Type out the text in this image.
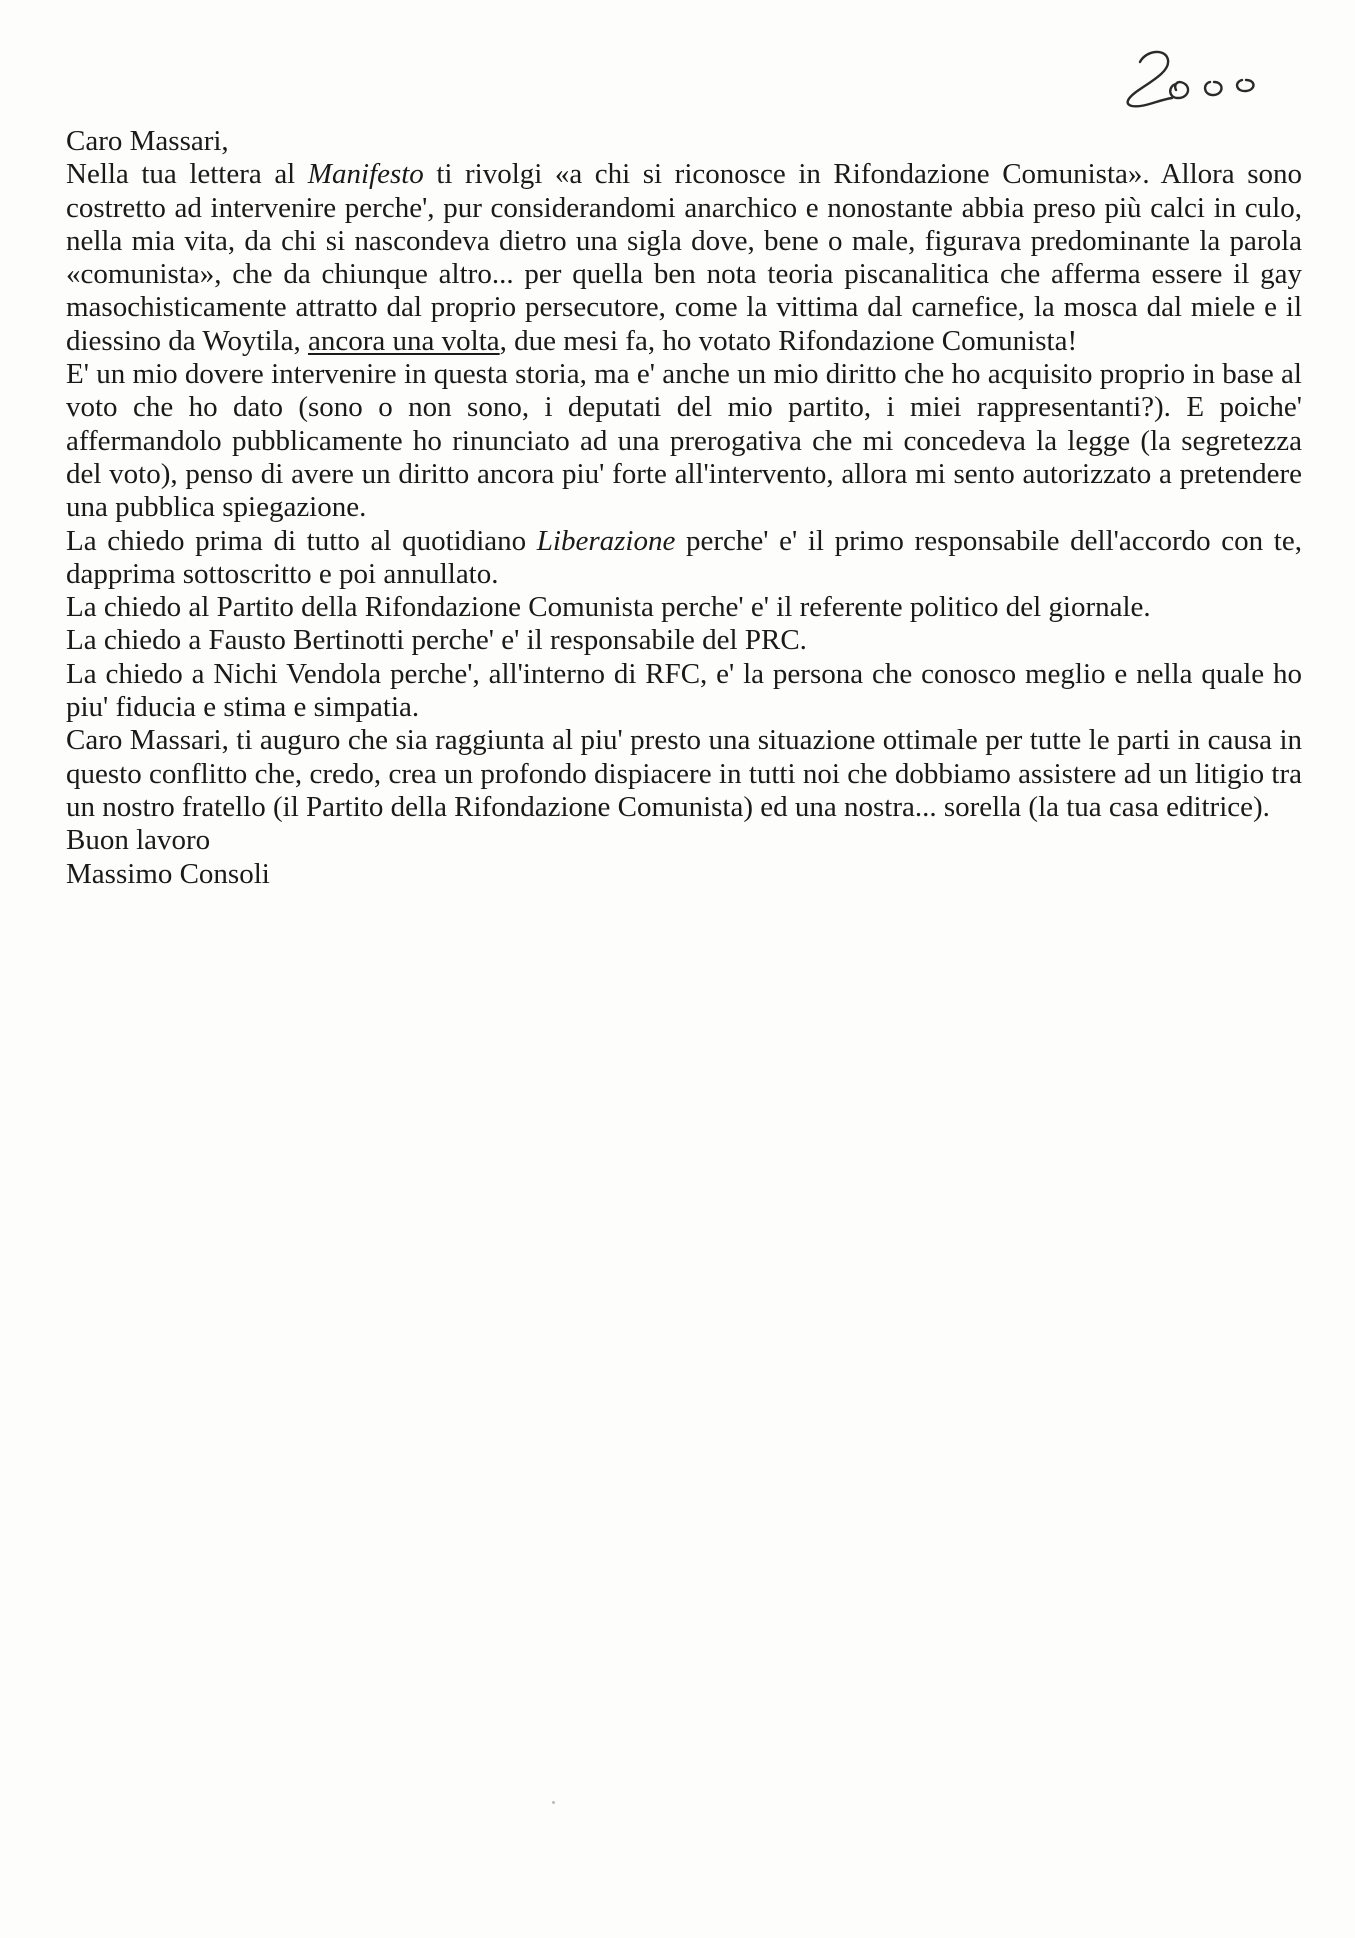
Caro Massari,

Nella tua lettera al Manifesto ti rivolgi «a chi si riconosce in Rifondazione Comunista». Allora sono costretto ad intervenire perche', pur considerandomi anarchico e nonostante abbia preso più calci in culo, nella mia vita, da chi si nascondeva dietro una sigla dove, bene o male, figurava predominante la parola «comunista», che da chiunque altro... per quella ben nota teoria piscanalitica che afferma essere il gay masochisticamente attratto dal proprio persecutore, come la vittima dal carnefice, la mosca dal miele e il diessino da Woytila, ancora una volta, due mesi fa, ho votato Rifondazione Comunista!

E' un mio dovere intervenire in questa storia, ma e' anche un mio diritto che ho acquisito proprio in base al voto che ho dato (sono o non sono, i deputati del mio partito, i miei rappresentanti?). E poiche' affermandolo pubblicamente ho rinunciato ad una prerogativa che mi concedeva la legge (la segretezza del voto), penso di avere un diritto ancora piu' forte all'intervento, allora mi sento autorizzato a pretendere una pubblica spiegazione.

La chiedo prima di tutto al quotidiano Liberazione perche' e' il primo responsabile dell'accordo con te, dapprima sottoscritto e poi annullato.

La chiedo al Partito della Rifondazione Comunista perche' e' il referente politico del giornale.

La chiedo a Fausto Bertinotti perche' e' il responsabile del PRC.

La chiedo a Nichi Vendola perche', all'interno di RFC, e' la persona che conosco meglio e nella quale ho piu' fiducia e stima e simpatia.

Caro Massari, ti auguro che sia raggiunta al piu' presto una situazione ottimale per tutte le parti in causa in questo conflitto che, credo, crea un profondo dispiacere in tutti noi che dobbiamo assistere ad un litigio tra un nostro fratello (il Partito della Rifondazione Comunista) ed una nostra... sorella (la tua casa editrice).

Buon lavoro

Massimo Consoli
